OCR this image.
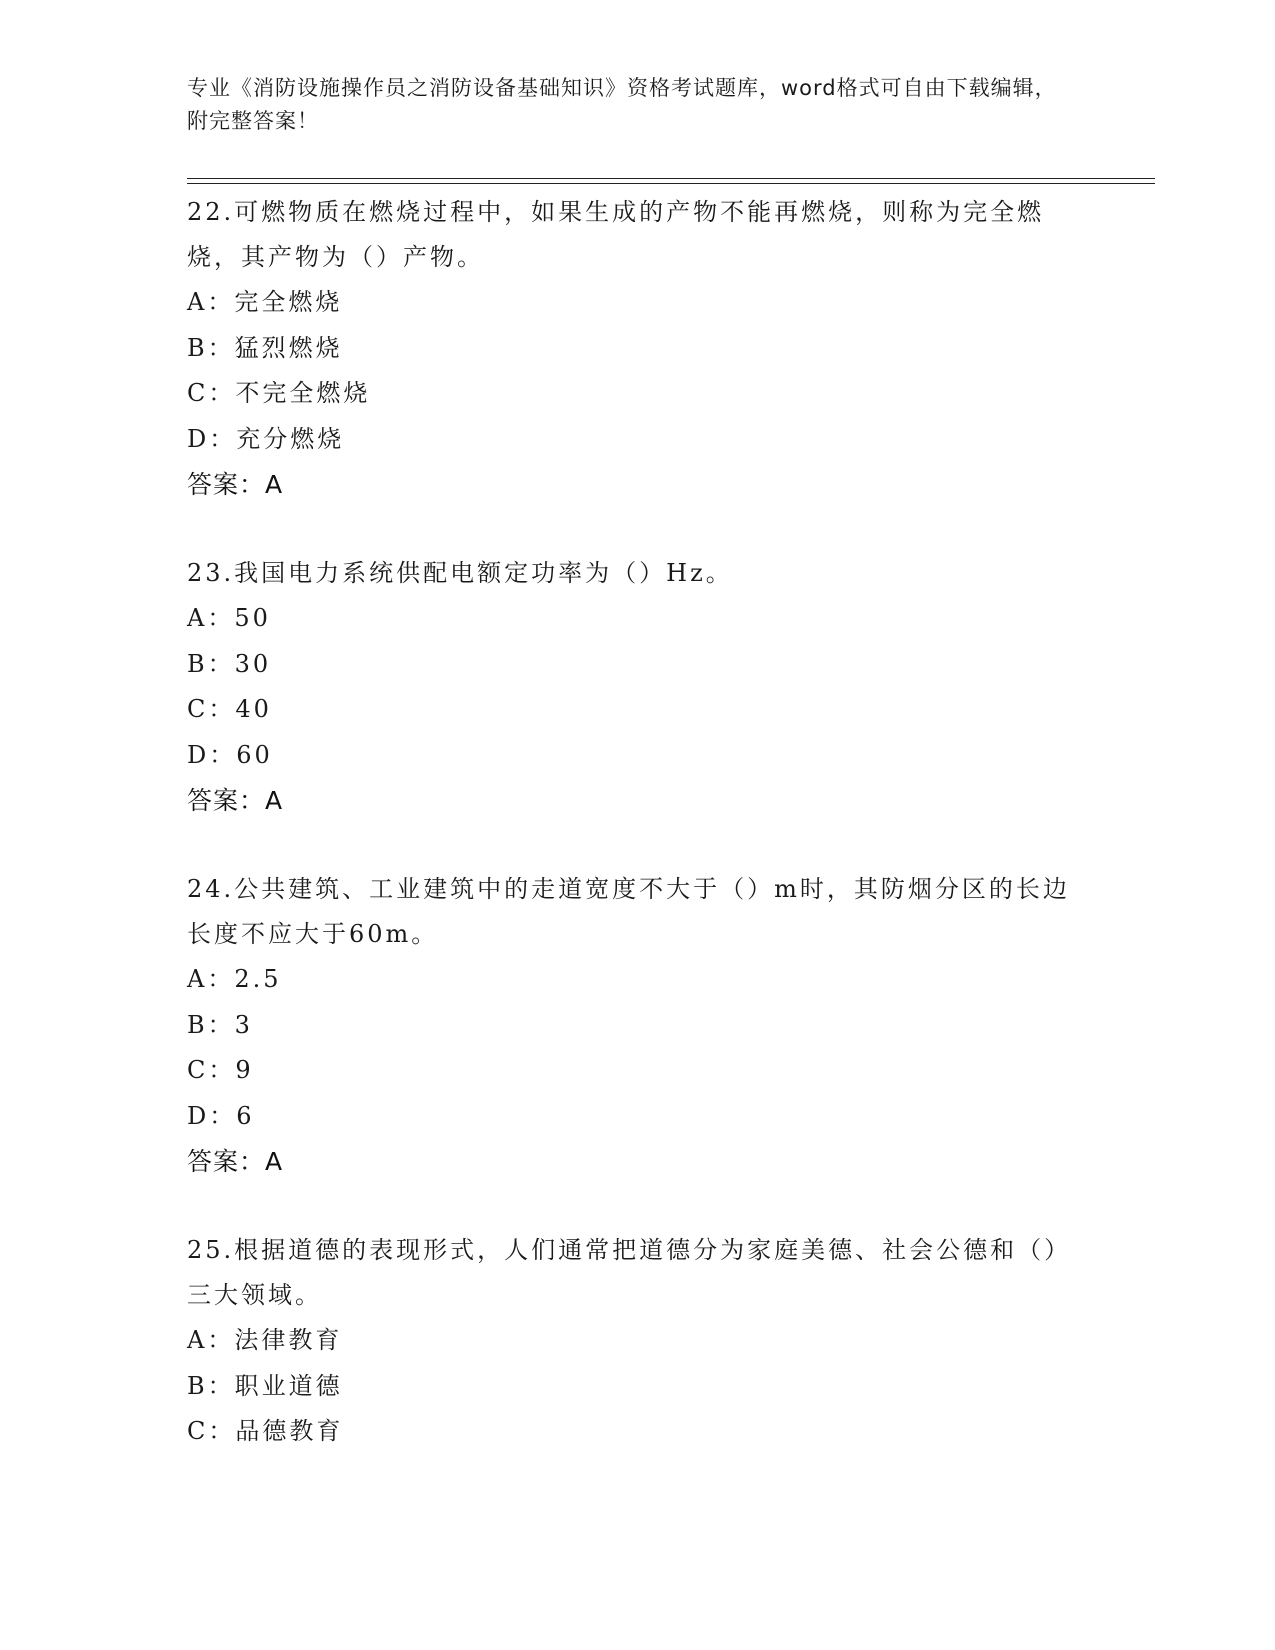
专业《消防设施操作员之消防设备基础知识》资格考试题库，word格式可自由下载编辑，附完整答案！

22.可燃物质在燃烧过程中，如果生成的产物不能再燃烧，则称为完全燃烧，其产物为（）产物。

A：完全燃烧
B：猛烈燃烧
C：不完全燃烧
D：充分燃烧
答案：A

23.我国电力系统供配电额定功率为（）Hz。

A：50
B：30
C：40
D：60
答案：A

24.公共建筑、工业建筑中的走道宽度不大于（）m时，其防烟分区的长边长度不应大于60m。

A：2.5
B：3
C：9
D：6
答案：A

25.根据道德的表现形式，人们通常把道德分为家庭美德、社会公德和（）三大领域。

A：法律教育
B：职业道德
C：品德教育
